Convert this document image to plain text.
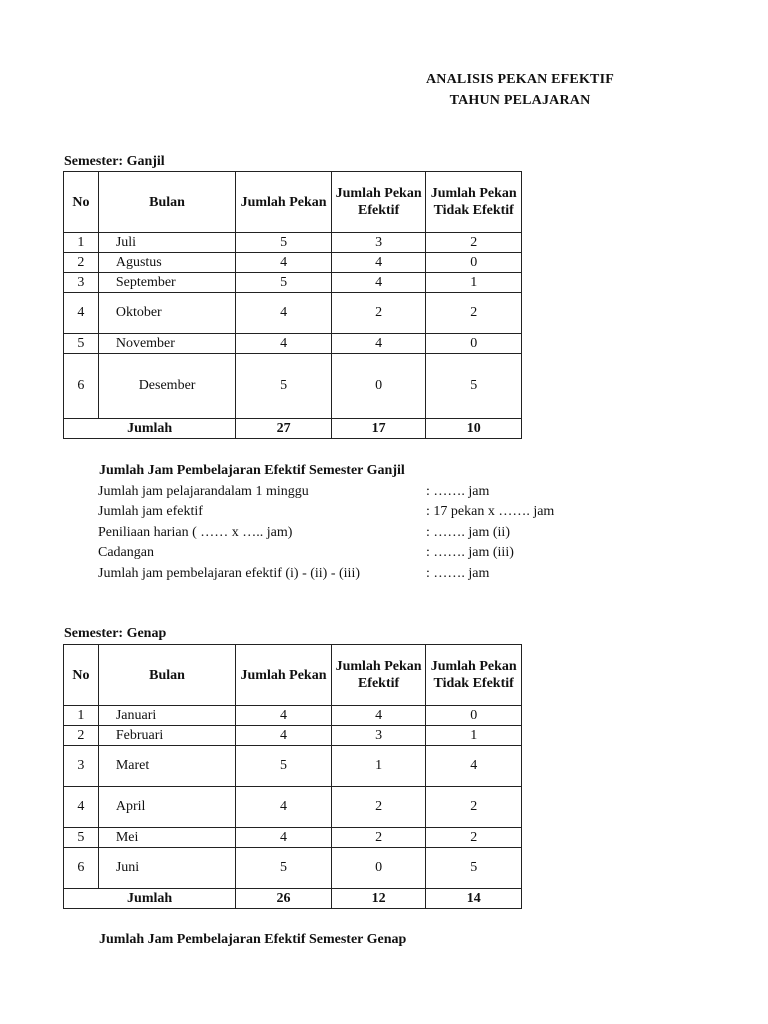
ANALISIS PEKAN EFEKTIF
TAHUN PELAJARAN
Semester: Ganjil
No	Bulan	Jumlah Pekan	Jumlah Pekan Efektif	Jumlah Pekan Tidak Efektif
1	Juli	5	3	2
2	Agustus	4	4	0
3	September	5	4	1
4	Oktober	4	2	2
5	November	4	4	0
6	Desember	5	0	5
Jumlah		27	17	10
Jumlah Jam Pembelajaran Efektif Semester Ganjil
Jumlah jam pelajarandalam 1 minggu	: ……. jam
Jumlah jam efektif	: 17 pekan x ……. jam
Peniliaan harian ( …… x ….. jam)	: ……. jam (ii)
Cadangan	: ……. jam (iii)
Jumlah jam pembelajaran efektif (i) - (ii) - (iii)	: ……. jam
Semester: Genap
No	Bulan	Jumlah Pekan	Jumlah Pekan Efektif	Jumlah Pekan Tidak Efektif
1	Januari	4	4	0
2	Februari	4	3	1
3	Maret	5	1	4
4	April	4	2	2
5	Mei	4	2	2
6	Juni	5	0	5
Jumlah		26	12	14
Jumlah Jam Pembelajaran Efektif Semester Genap
